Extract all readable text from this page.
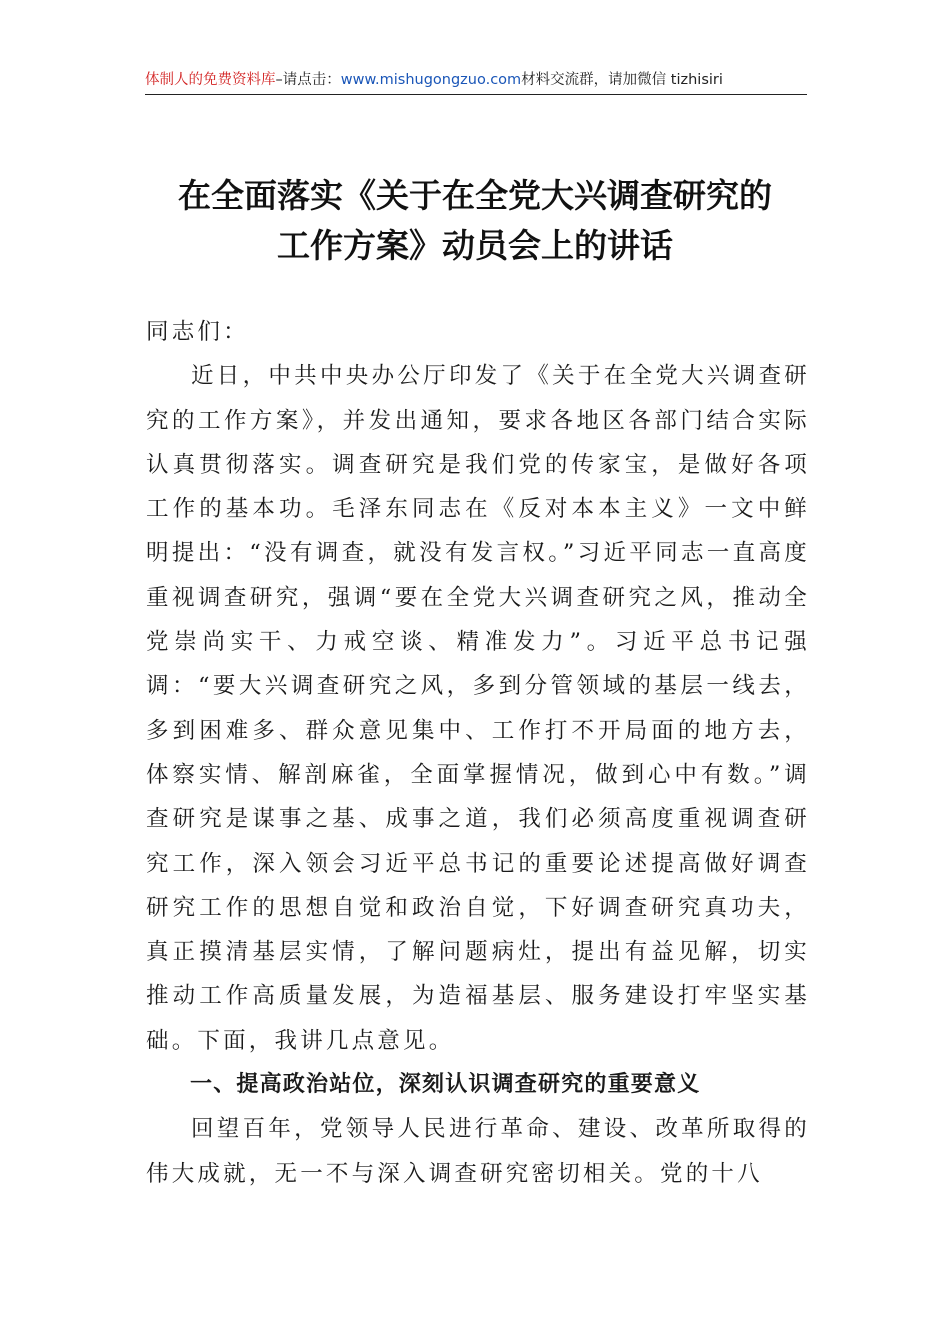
体制人的免费资料库–请点击：www.mishugongzuo.com材料交流群，请加微信 tizhisiri
在全面落实《关于在全党大兴调查研究的
工作方案》动员会上的讲话

同志们：

近日，中共中央办公厅印发了《关于在全党大兴调查研究的工作方案》，并发出通知，要求各地区各部门结合实际认真贯彻落实。调查研究是我们党的传家宝，是做好各项工作的基本功。毛泽东同志在《反对本本主义》一文中鲜明提出：“没有调查，就没有发言权。”习近平同志一直高度重视调查研究，强调“要在全党大兴调查研究之风，推动全党崇尚实干、力戒空谈、精准发力”。习近平总书记强调：“要大兴调查研究之风，多到分管领域的基层一线去，多到困难多、群众意见集中、工作打不开局面的地方去，体察实情、解剖麻雀，全面掌握情况，做到心中有数。”调查研究是谋事之基、成事之道，我们必须高度重视调查研究工作，深入领会习近平总书记的重要论述提高做好调查研究工作的思想自觉和政治自觉，下好调查研究真功夫，真正摸清基层实情，了解问题病灶，提出有益见解，切实推动工作高质量发展，为造福基层、服务建设打牢坚实基础。下面，我讲几点意见。

一、提高政治站位，深刻认识调查研究的重要意义

回望百年，党领导人民进行革命、建设、改革所取得的伟大成就，无一不与深入调查研究密切相关。党的十八
